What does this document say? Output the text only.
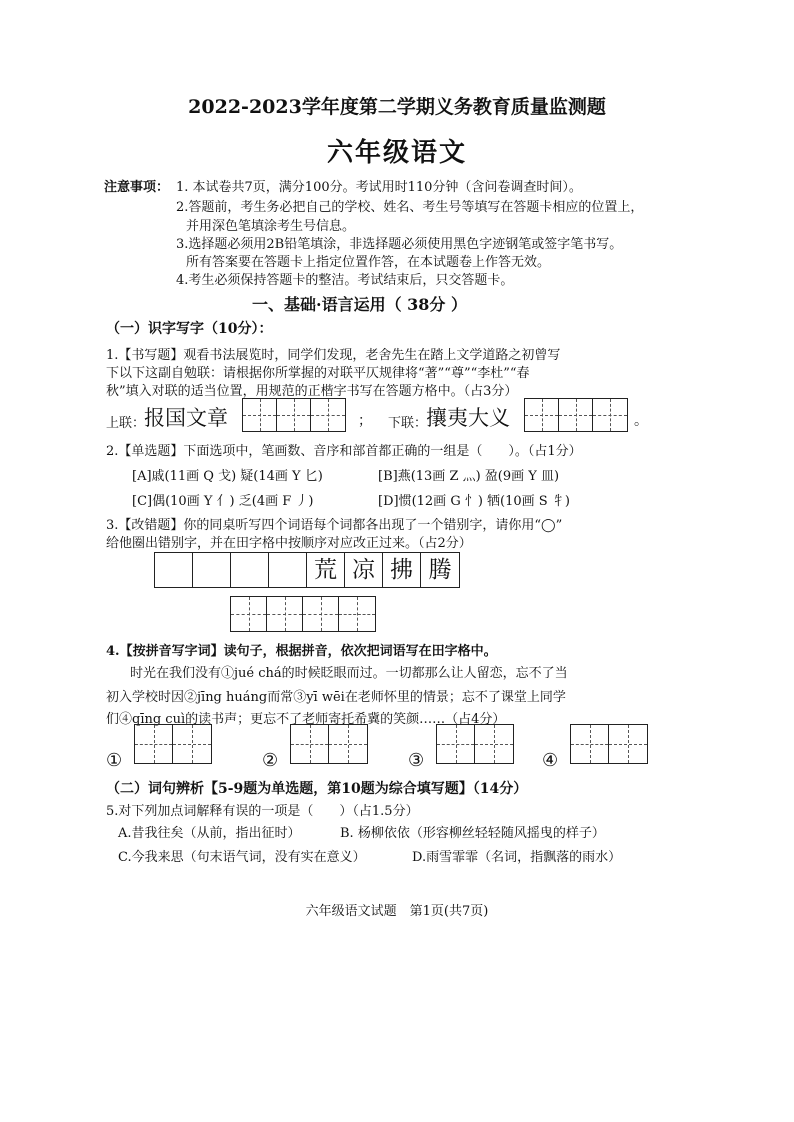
2022-2023学年度第二学期义务教育质量监测题
六年级语文
注意事项： 1. 本试卷共7页，满分100分。考试用时110分钟（含问卷调查时间）。
2.答题前，考生务必把自己的学校、姓名、考生号等填写在答题卡相应的位置上，
并用深色笔填涂考生号信息。
3.选择题必须用2B铅笔填涂，非选择题必须使用黑色字迹钢笔或签字笔书写。
所有答案要在答题卡上指定位置作答，在本试题卷上作答无效。
4.考生必须保持答题卡的整洁。考试结束后，只交答题卡。
一、基础·语言运用（ 38分 ）
（一）识字写字（10分）：
1.【书写题】观看书法展览时，同学们发现，老舍先生在踏上文学道路之初曾写
下以下这副自勉联：请根据你所掌握的对联平仄规律将“著”“尊”“李杜”“春
秋”填入对联的适当位置，用规范的正楷字书写在答题方格中。（占3分）
上联：
报国文章	； 下联：
攘夷大义	。
2.【单选题】下面选项中，笔画数、音序和部首都正确的一组是（　　）。（占1分）
[A]戚(11画 Q 戈) 疑(14画 Y 匕)	[B]燕(13画 Z 灬) 盈(9画 Y 皿)
[C]偶(10画 Y 亻) 乏(4画 F 丿)	[D]惯(12画 G 忄) 牺(10画 S 牜)
3.【改错题】你的同桌听写四个词语每个词都各出现了一个错别字，请你用“◯”
给他圈出错别字，并在田字格中按顺序对应改正过来。（占2分）
荒 凉 拂 腾
4.【按拼音写字词】读句子，根据拼音，依次把词语写在田字格中。
时光在我们没有①jué chá的时候眨眼而过。一切都那么让人留恋，忘不了当
初入学校时因②jīng huáng而常③yī wēi在老师怀里的情景；忘不了课堂上同学
们④qīng cuì的读书声；更忘不了老师寄托希冀的笑颜……（占4分）
①	②	③	④
（二）词句辨析【5-9题为单选题，第10题为综合填写题】（14分）
5.对下列加点词解释有误的一项是（　　）（占1.5分）
A.昔我往矣（从前，指出征时）	B. 杨柳依依（形容柳丝轻轻随风摇曳的样子）
C.今我来思（句末语气词，没有实在意义）	D.雨雪霏霏（名词，指飘落的雨水）
六年级语文试题　第1页(共7页)
